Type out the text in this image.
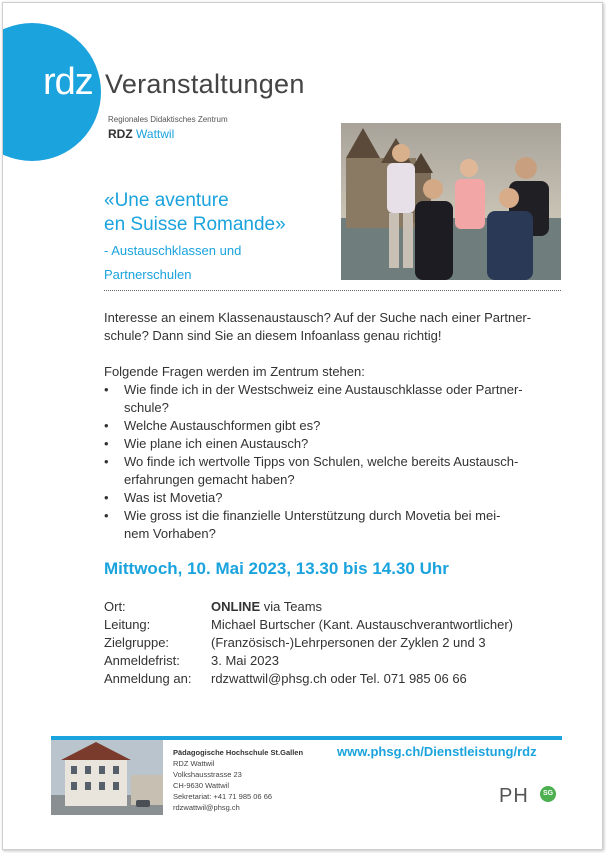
rdz Veranstaltungen
Regionales Didaktisches Zentrum
RDZ Wattwil
«Une aventure
en Suisse Romande»
- Austauschklassen und
Partnerschulen

Interesse an einem Klassenaustausch? Auf der Suche nach einer Partner-

schule? Dann sind Sie an diesem Infoanlass genau richtig!

Folgende Fragen werden im Zentrum stehen:

• Wie finde ich in der Westschweiz eine Austauschklasse oder Partner-
schule?
• Welche Austauschformen gibt es?
• Wie plane ich einen Austausch?
• Wo finde ich wertvolle Tipps von Schulen, welche bereits Austausch-
erfahrungen gemacht haben?
• Was ist Movetia?
• Wie gross ist die finanzielle Unterstützung durch Movetia bei mei-
nem Vorhaben?
Mittwoch, 10. Mai 2023, 13.30 bis 14.30 Uhr
Ort:	ONLINE via Teams
Leitung:	Michael Burtscher (Kant. Austauschverantwortlicher)
Zielgruppe:	(Französisch-)Lehrpersonen der Zyklen 2 und 3
Anmeldefrist:	3. Mai 2023
Anmeldung an:	rdzwattwil@phsg.ch oder Tel. 071 985 06 66
Pädagogische Hochschule St.Gallen
RDZ Wattwil
Volkshausstrasse 23
CH-9630 Wattwil
Sekretariat: +41 71 985 06 66
rdzwattwil@phsg.ch
www.phsg.ch/Dienstleistung/rdz
PH	SG
